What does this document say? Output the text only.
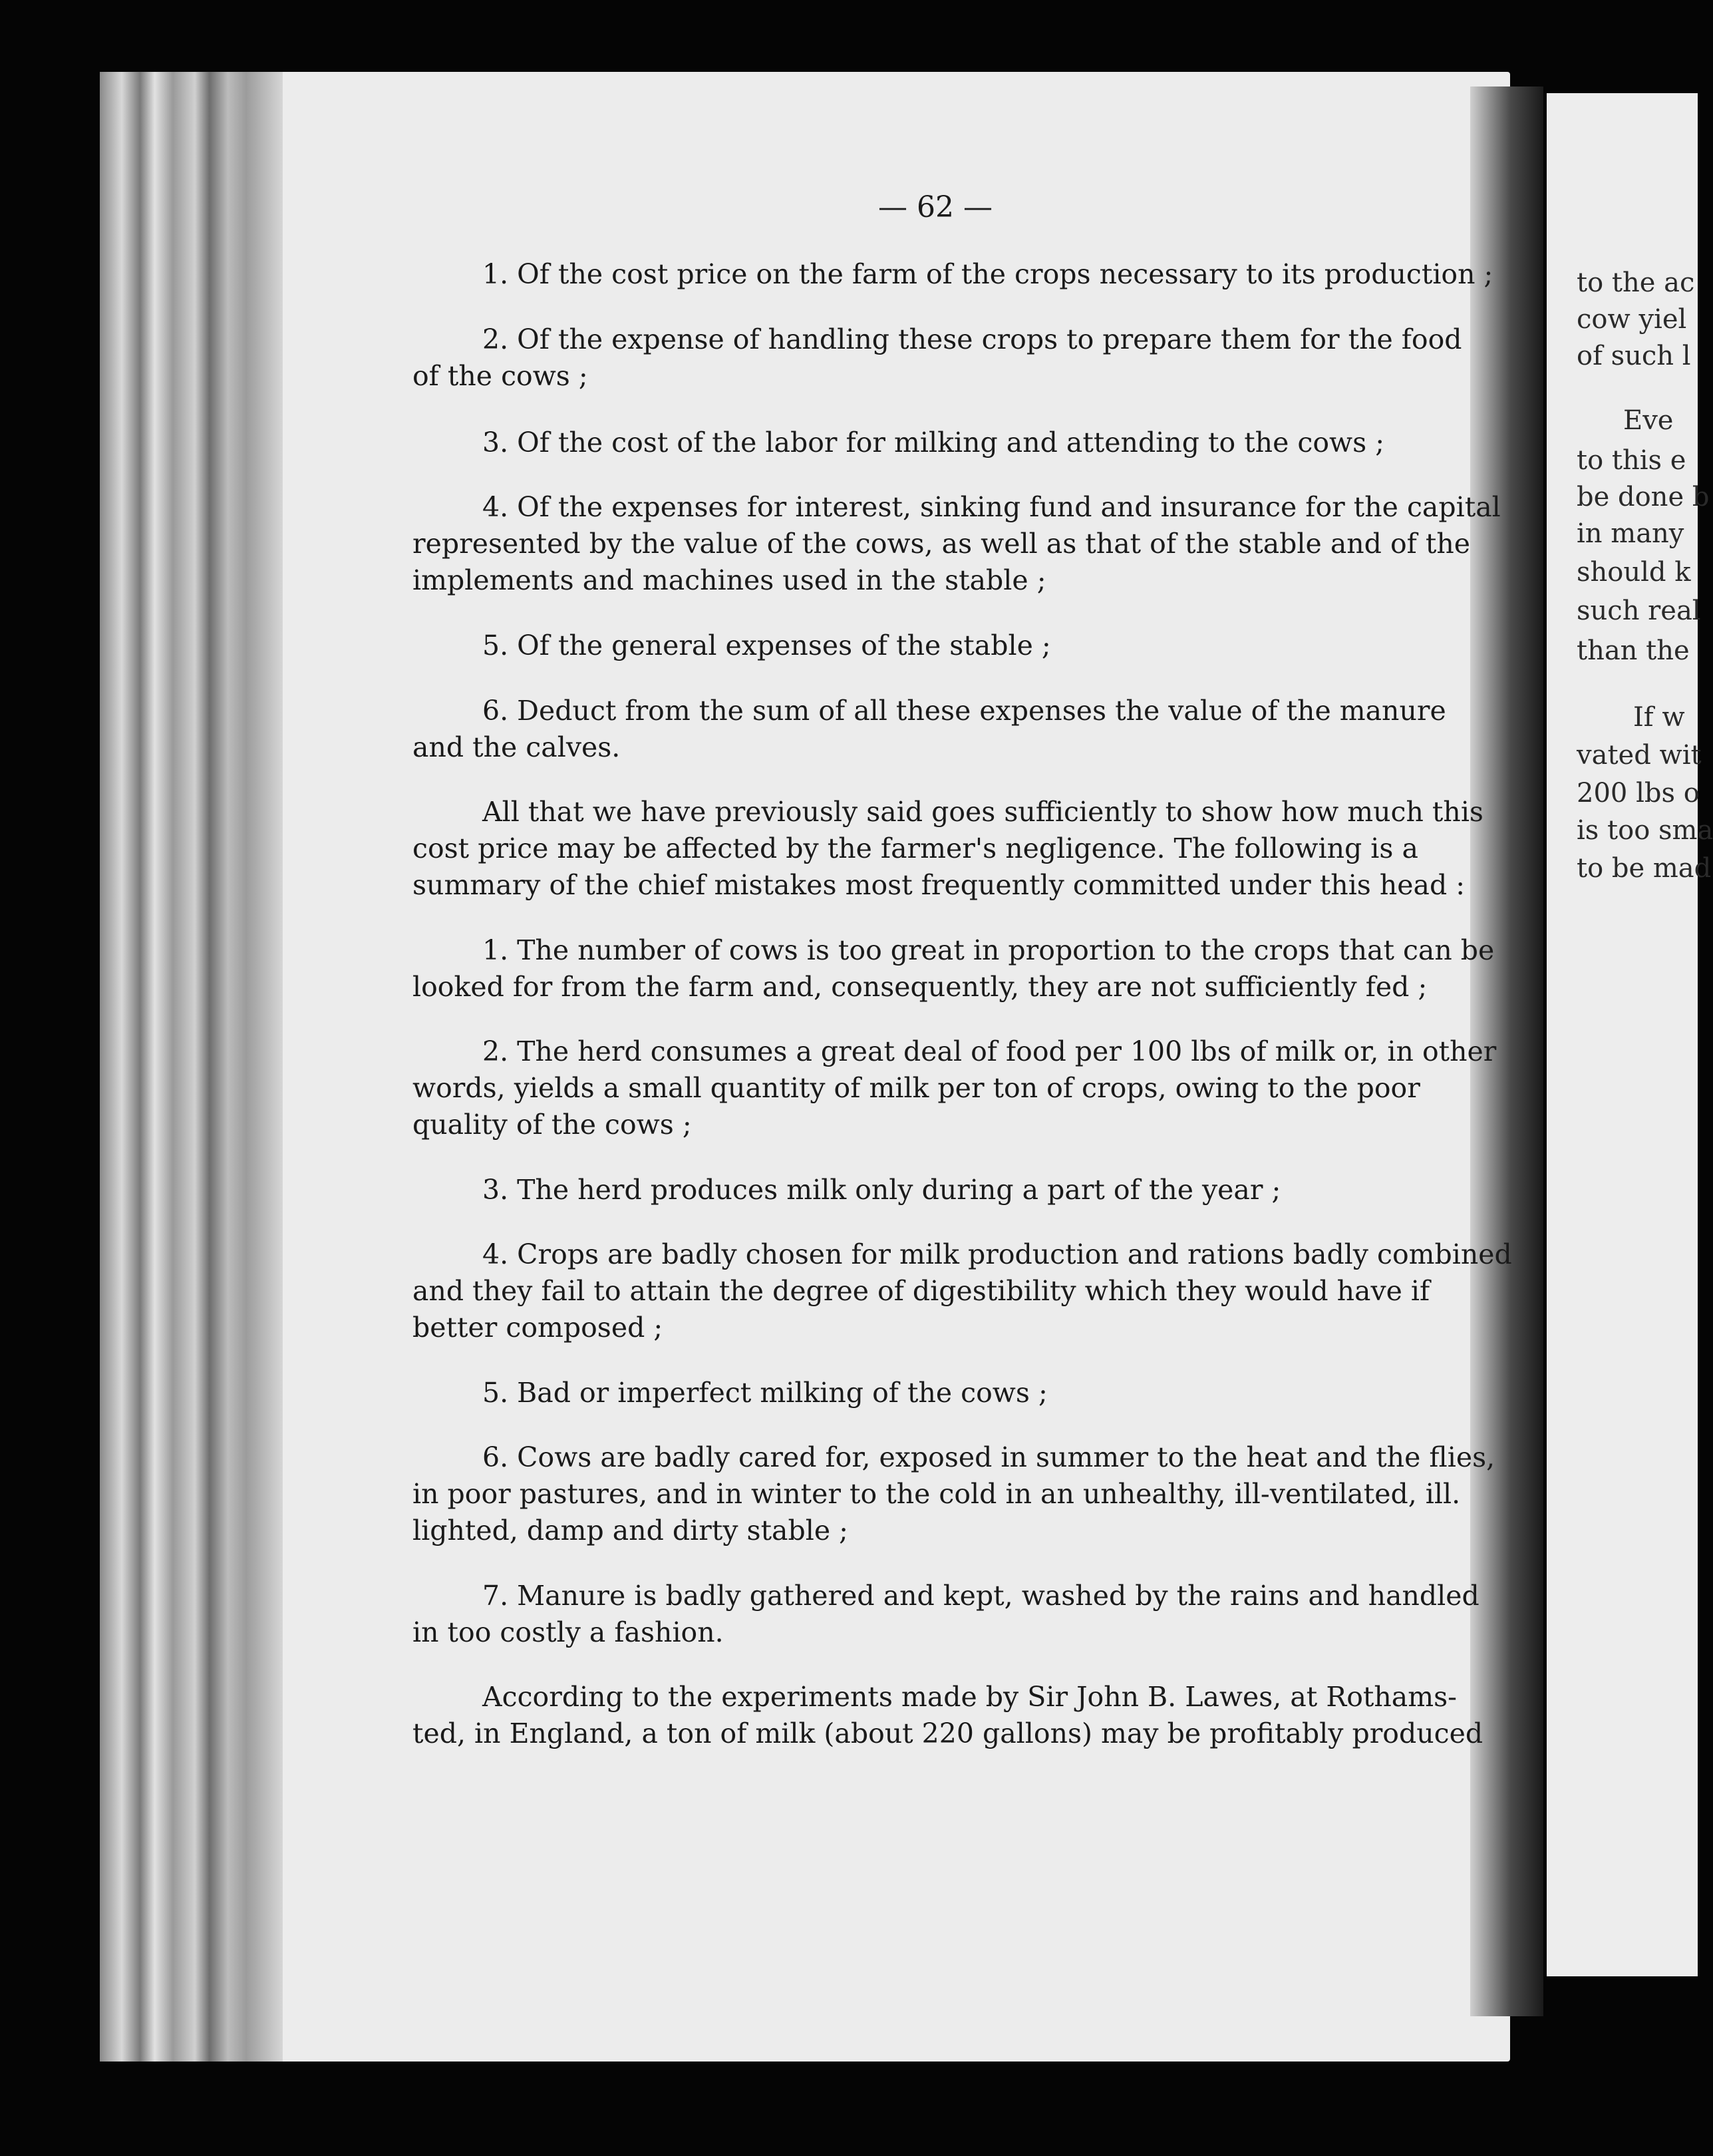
— 62 —
1. Of the cost price on the farm of the crops necessary to its production ;
2. Of the expense of handling these crops to prepare them for the food
of the cows ;
3. Of the cost of the labor for milking and attending to the cows ;
4. Of the expenses for interest, sinking fund and insurance for the capital
represented by the value of the cows, as well as that of the stable and of the
implements and machines used in the stable ;
5. Of the general expenses of the stable ;
6. Deduct from the sum of all these expenses the value of the manure
and the calves.
All that we have previously said goes sufficiently to show how much this
cost price may be affected by the farmer's negligence. The following is a
summary of the chief mistakes most frequently committed under this head :
1. The number of cows is too great in proportion to the crops that can be
looked for from the farm and, consequently, they are not sufficiently fed ;
2. The herd consumes a great deal of food per 100 lbs of milk or, in other
words, yields a small quantity of milk per ton of crops, owing to the poor
quality of the cows ;
3. The herd produces milk only during a part of the year ;
4. Crops are badly chosen for milk production and rations badly combined
and they fail to attain the degree of digestibility which they would have if
better composed ;
5. Bad or imperfect milking of the cows ;
6. Cows are badly cared for, exposed in summer to the heat and the flies,
in poor pastures, and in winter to the cold in an unhealthy, ill-ventilated, ill.
lighted, damp and dirty stable ;
7. Manure is badly gathered and kept, washed by the rains and handled
in too costly a fashion.
According to the experiments made by Sir John B. Lawes, at Rothams-
ted, in England, a ton of milk (about 220 gallons) may be profitably produced
to the ac
cow yiel
of such l
Eve
to this e
be done b
in many
should k
such real
than the
If w
vated wit
200 lbs o
is too sma
to be mad
